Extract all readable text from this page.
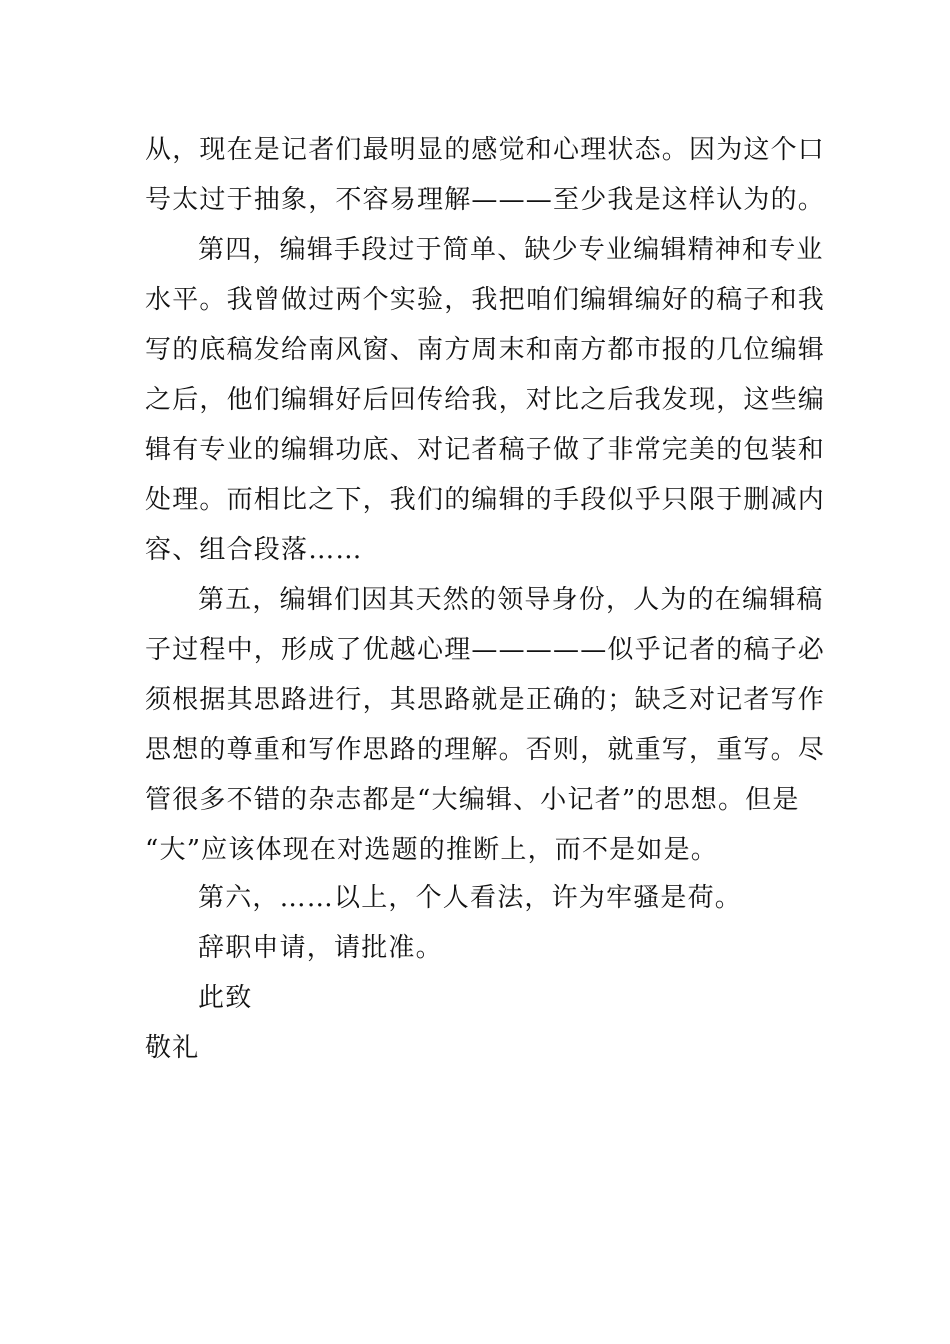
从，现在是记者们最明显的感觉和心理状态。因为这个口
号太过于抽象，不容易理解———至少我是这样认为的。
第四，编辑手段过于简单、缺少专业编辑精神和专业
水平。我曾做过两个实验，我把咱们编辑编好的稿子和我
写的底稿发给南风窗、南方周末和南方都市报的几位编辑
之后，他们编辑好后回传给我，对比之后我发现，这些编
辑有专业的编辑功底、对记者稿子做了非常完美的包装和
处理。而相比之下，我们的编辑的手段似乎只限于删减内
容、组合段落……
第五，编辑们因其天然的领导身份，人为的在编辑稿
子过程中，形成了优越心理—————似乎记者的稿子必
须根据其思路进行，其思路就是正确的；缺乏对记者写作
思想的尊重和写作思路的理解。否则，就重写，重写。尽
管很多不错的杂志都是“大编辑、小记者”的思想。但是
“大”应该体现在对选题的推断上，而不是如是。
第六，……以上，个人看法，许为牢骚是荷。
辞职申请，请批准。
此致
敬礼
